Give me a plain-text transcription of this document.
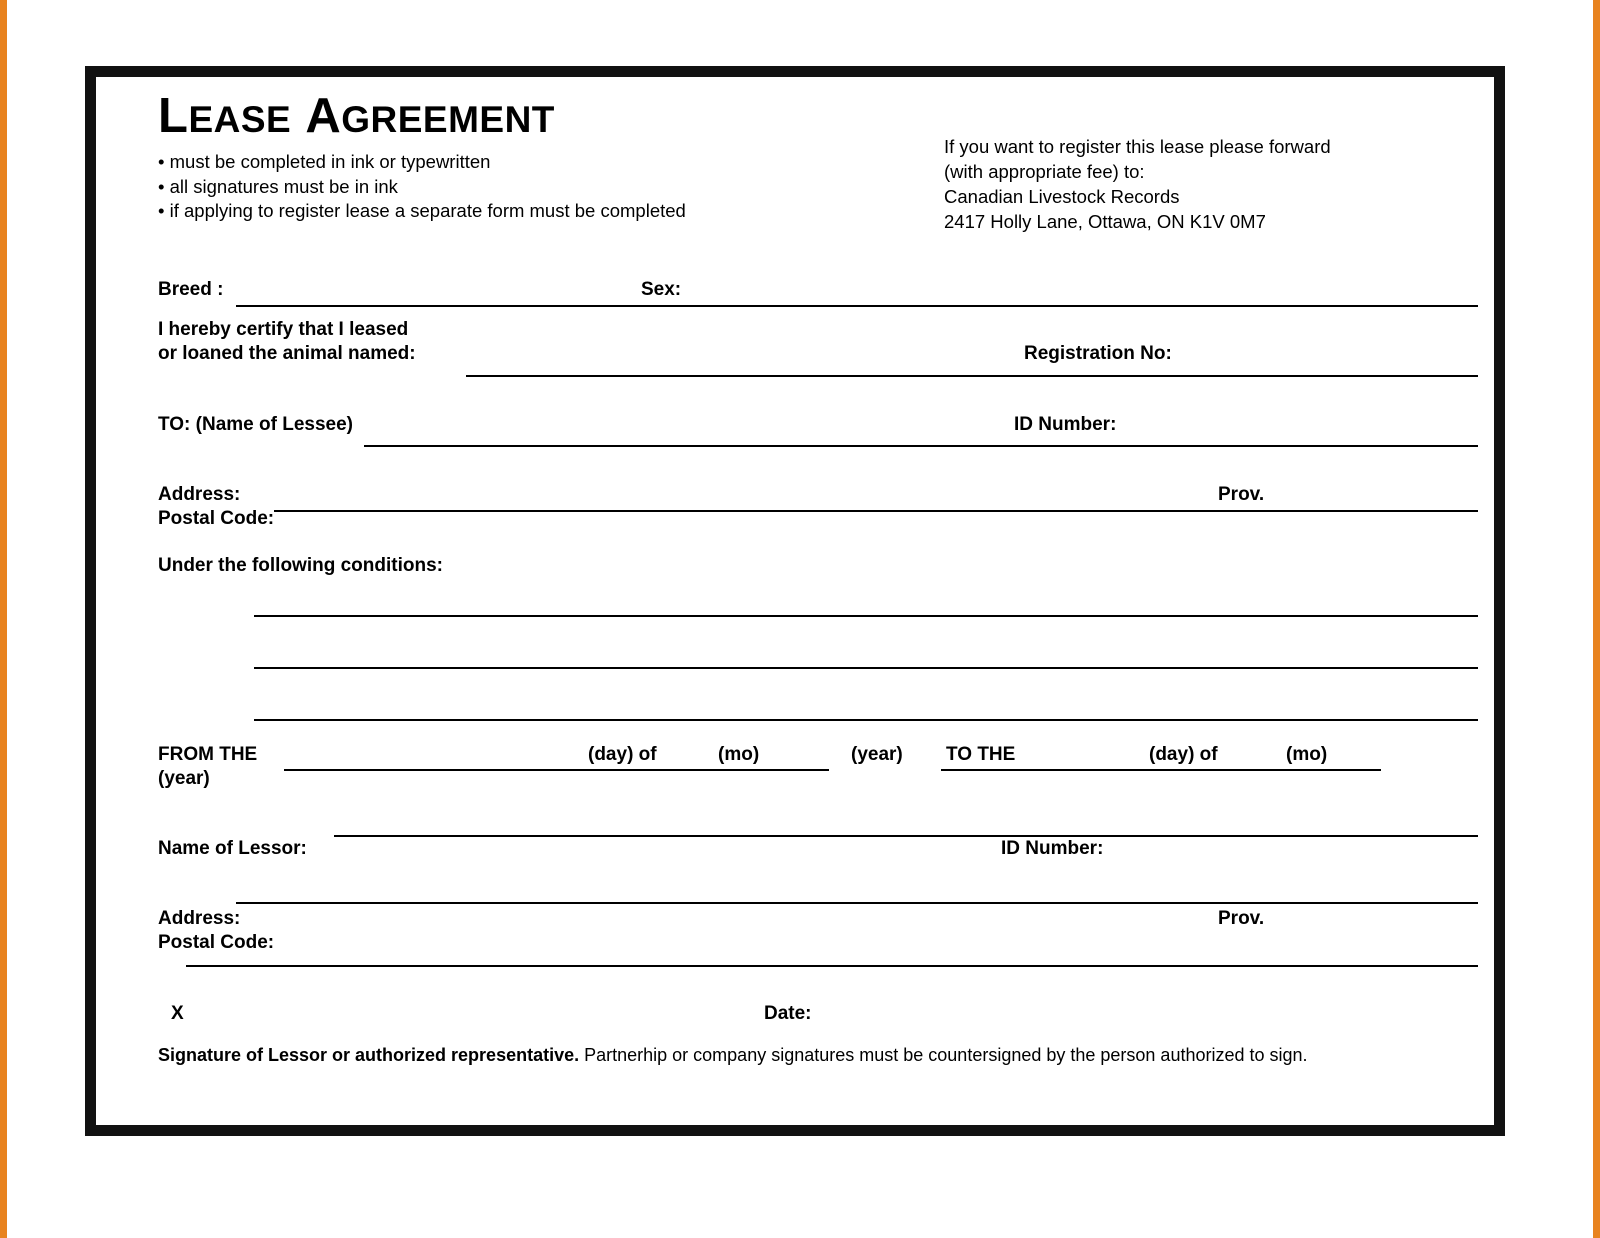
LEASE AGREEMENT
• must be completed in ink or typewritten
• all signatures must be in ink
• if applying to register lease a separate form must be completed
If you want to register this lease please forward
(with appropriate fee) to:
Canadian Livestock Records
2417 Holly Lane, Ottawa, ON K1V 0M7
Breed :	Sex:
I hereby certify that I leased
or loaned the animal named:	Registration No:
TO: (Name of Lessee)	ID Number:
Address:	Prov.
Postal Code:
Under the following conditions:
FROM THE	(day) of	(mo)	(year)
(year)
TO THE	(day) of	(mo)
Name of Lessor:	ID Number:
Address:	Prov.
Postal Code:
X	Date:
Signature of Lessor or authorized representative. Partnerhip or company signatures must be countersigned by the person authorized to sign.
